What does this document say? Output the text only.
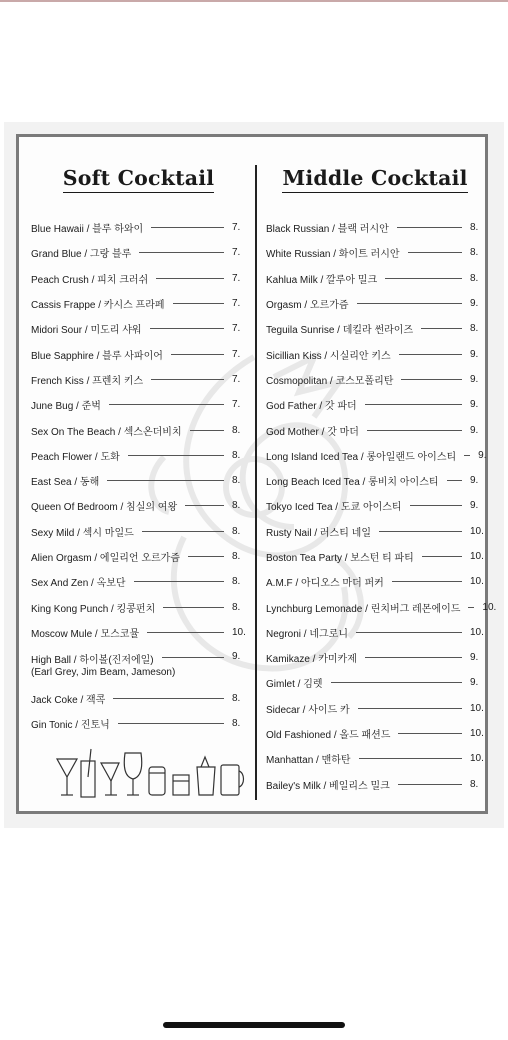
Soft Cocktail
Blue Hawaii / 블루 하와이	7.
Grand Blue / 그랑 블루	7.
Peach Crush / 피치 크러쉬	7.
Cassis Frappe / 카시스 프라페	7.
Midori Sour / 미도리 샤워	7.
Blue Sapphire / 블루 사파이어	7.
French Kiss / 프렌치 키스	7.
June Bug / 준벅	7.
Sex On The Beach / 섹스온더비치	8.
Peach Flower / 도화	8.
East Sea / 동해	8.
Queen Of Bedroom / 침실의 여왕	8.
Sexy Mild / 섹시 마일드	8.
Alien Orgasm / 에일리언 오르가즘	8.
Sex And Zen / 옥보단	8.
King Kong Punch / 킹콩펀치	8.
Moscow Mule / 모스코뮬	10.
High Ball / 하이볼(진저에일)	9.
(Earl Grey, Jim Beam, Jameson)
Jack Coke / 잭콕	8.
Gin Tonic / 진토닉	8.
Middle Cocktail
Black Russian / 블랙 러시안	8.
White Russian / 화이트 러시안	8.
Kahlua Milk / 깔루아 밀크	8.
Orgasm / 오르가즘	9.
Teguila Sunrise / 데킬라 썬라이즈	8.
Sicillian Kiss / 시실리안 키스	9.
Cosmopolitan / 코스모폴리탄	9.
God Father / 갓 파더	9.
God Mother / 갓 마더	9.
Long Island Iced Tea / 롱아일랜드 아이스티 9.
Long Beach Iced Tea / 롱비치 아이스티	9.
Tokyo Iced Tea / 도쿄 아이스티	9.
Rusty Nail / 러스티 네일	10.
Boston Tea Party / 보스턴 티 파티	10.
A.M.F / 아디오스 마더 퍼커	10.
Lynchburg Lemonade / 린치버그 레몬에이드 10.
Negroni / 네그로니	10.
Kamikaze / 카미카제	9.
Gimlet / 김렛	9.
Sidecar / 사이드 카	10.
Old Fashioned / 올드 패션드	10.
Manhattan / 맨하탄	10.
Bailey's Milk / 베일리스 밀크	8.
